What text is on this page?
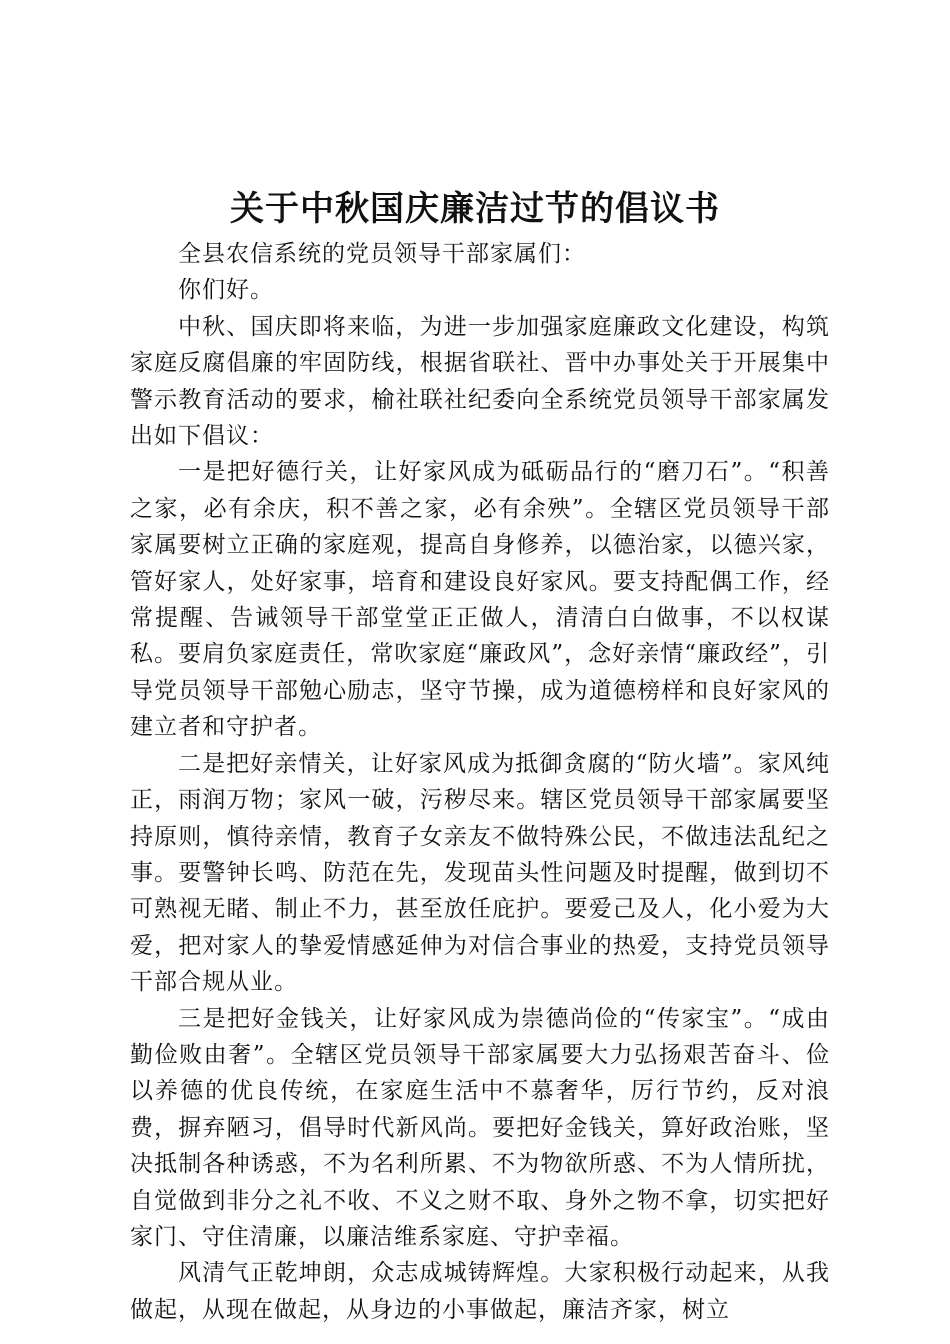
关于中秋国庆廉洁过节的倡议书

全县农信系统的党员领导干部家属们：

你们好。

中秋、国庆即将来临，为进一步加强家庭廉政文化建设，构筑家庭反腐倡廉的牢固防线，根据省联社、晋中办事处关于开展集中警示教育活动的要求，榆社联社纪委向全系统党员领导干部家属发出如下倡议：

一是把好德行关，让好家风成为砥砺品行的“磨刀石”。“积善之家，必有余庆，积不善之家，必有余殃”。全辖区党员领导干部家属要树立正确的家庭观，提高自身修养，以德治家，以德兴家，管好家人，处好家事，培育和建设良好家风。要支持配偶工作，经常提醒、告诫领导干部堂堂正正做人，清清白白做事，不以权谋私。要肩负家庭责任，常吹家庭“廉政风”，念好亲情“廉政经”，引导党员领导干部勉心励志，坚守节操，成为道德榜样和良好家风的建立者和守护者。

二是把好亲情关，让好家风成为抵御贪腐的“防火墙”。家风纯正，雨润万物；家风一破，污秽尽来。辖区党员领导干部家属要坚持原则，慎待亲情，教育子女亲友不做特殊公民，不做违法乱纪之事。要警钟长鸣、防范在先，发现苗头性问题及时提醒，做到切不可熟视无睹、制止不力，甚至放任庇护。要爱己及人，化小爱为大爱，把对家人的挚爱情感延伸为对信合事业的热爱，支持党员领导干部合规从业。

三是把好金钱关，让好家风成为崇德尚俭的“传家宝”。“成由勤俭败由奢”。全辖区党员领导干部家属要大力弘扬艰苦奋斗、俭以养德的优良传统，在家庭生活中不慕奢华，厉行节约，反对浪费，摒弃陋习，倡导时代新风尚。要把好金钱关，算好政治账，坚决抵制各种诱惑，不为名利所累、不为物欲所惑、不为人情所扰，自觉做到非分之礼不收、不义之财不取、身外之物不拿，切实把好家门、守住清廉，以廉洁维系家庭、守护幸福。

风清气正乾坤朗，众志成城铸辉煌。大家积极行动起来，从我做起，从现在做起，从身边的小事做起，廉洁齐家，树立
